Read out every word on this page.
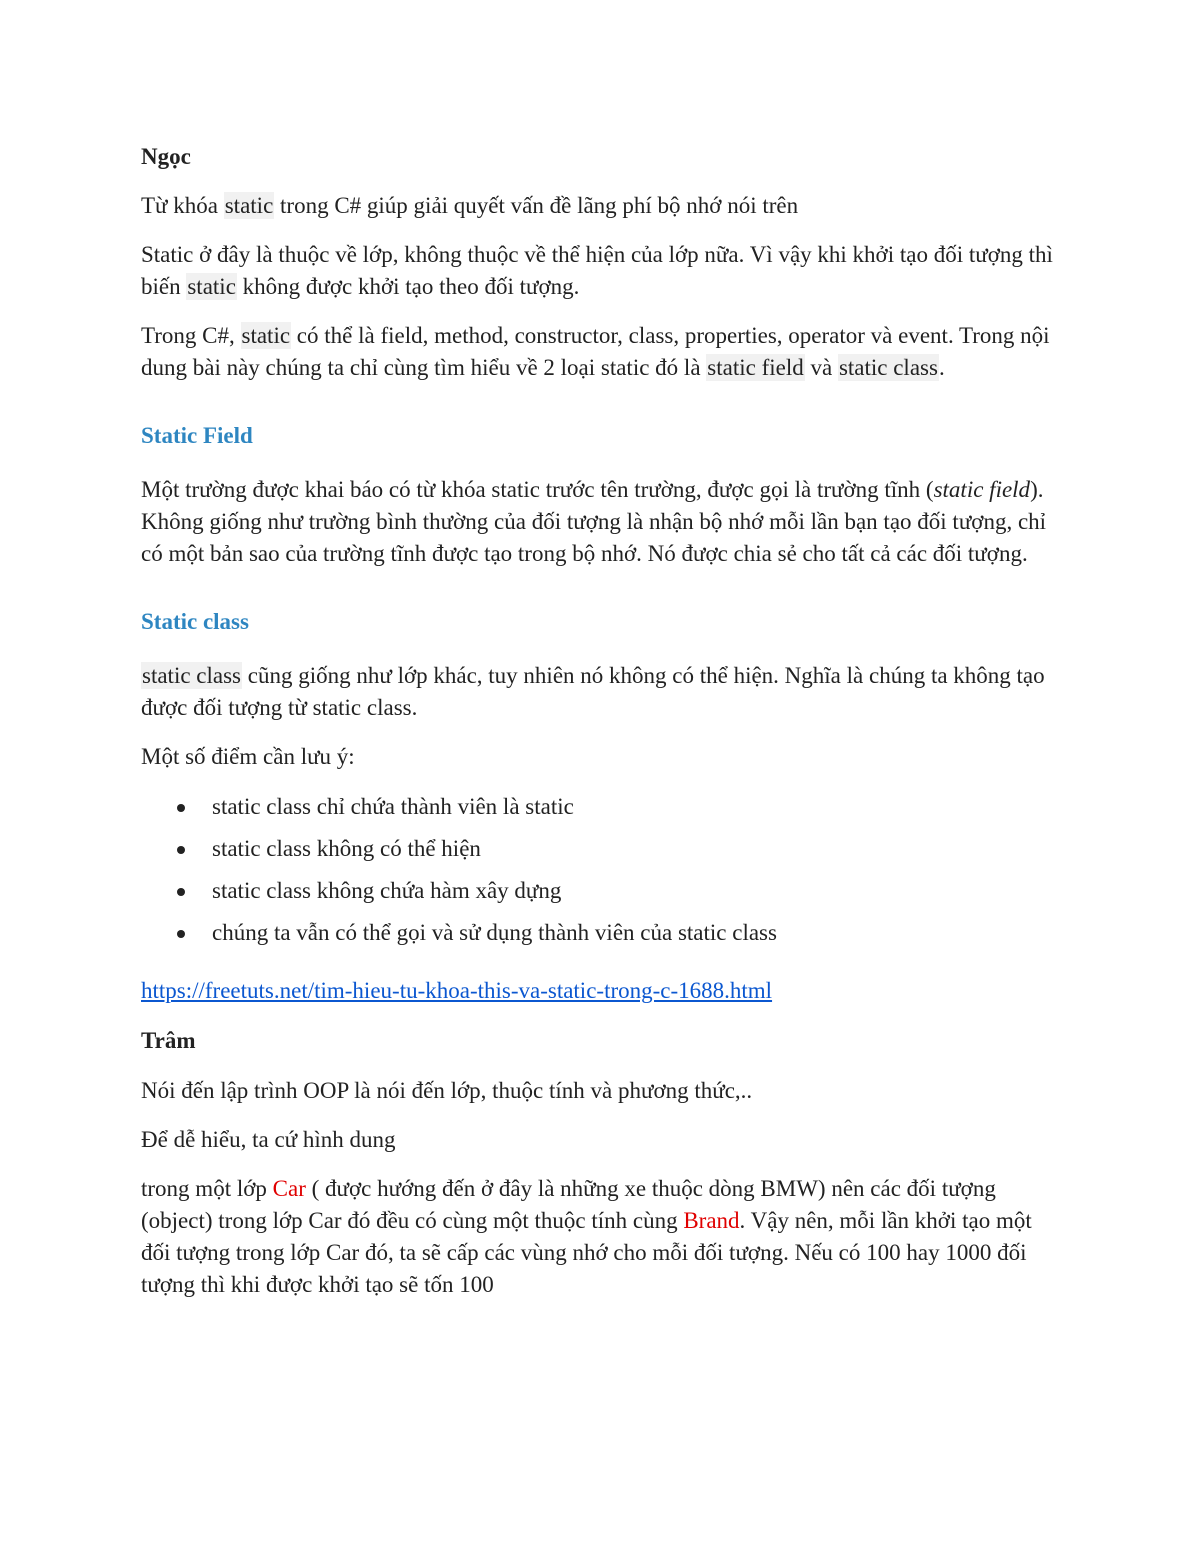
Ngọc

Từ khóa static trong C# giúp giải quyết vấn đề lãng phí bộ nhớ nói trên

Static ở đây là thuộc về lớp, không thuộc về thể hiện của lớp nữa. Vì vậy khi khởi tạo đối tượng thì biến static không được khởi tạo theo đối tượng.

Trong C#, static có thể là field, method, constructor, class, properties, operator và event. Trong nội dung bài này chúng ta chỉ cùng tìm hiểu về 2 loại static đó là static field và static class.

Static Field

Một trường được khai báo có từ khóa static trước tên trường, được gọi là trường tĩnh (static field). Không giống như trường bình thường của đối tượng là nhận bộ nhớ mỗi lần bạn tạo đối tượng, chỉ có một bản sao của trường tĩnh được tạo trong bộ nhớ. Nó được chia sẻ cho tất cả các đối tượng.

Static class

static class cũng giống như lớp khác, tuy nhiên nó không có thể hiện. Nghĩa là chúng ta không tạo được đối tượng từ static class.

Một số điểm cần lưu ý:

static class chỉ chứa thành viên là static
static class không có thể hiện
static class không chứa hàm xây dựng
chúng ta vẫn có thể gọi và sử dụng thành viên của static class

https://freetuts.net/tim-hieu-tu-khoa-this-va-static-trong-c-1688.html

Trâm

Nói đến lập trình OOP là nói đến lớp, thuộc tính và phương thức,..

Để dễ hiểu, ta cứ hình dung

trong một lớp Car ( được hướng đến ở đây là những xe thuộc dòng BMW) nên các đối tượng (object) trong lớp Car đó đều có cùng một thuộc tính cùng Brand. Vậy nên, mỗi lần khởi tạo một đối tượng trong lớp Car đó, ta sẽ cấp các vùng nhớ cho mỗi đối tượng. Nếu có 100 hay 1000 đối tượng thì khi được khởi tạo sẽ tốn 100
